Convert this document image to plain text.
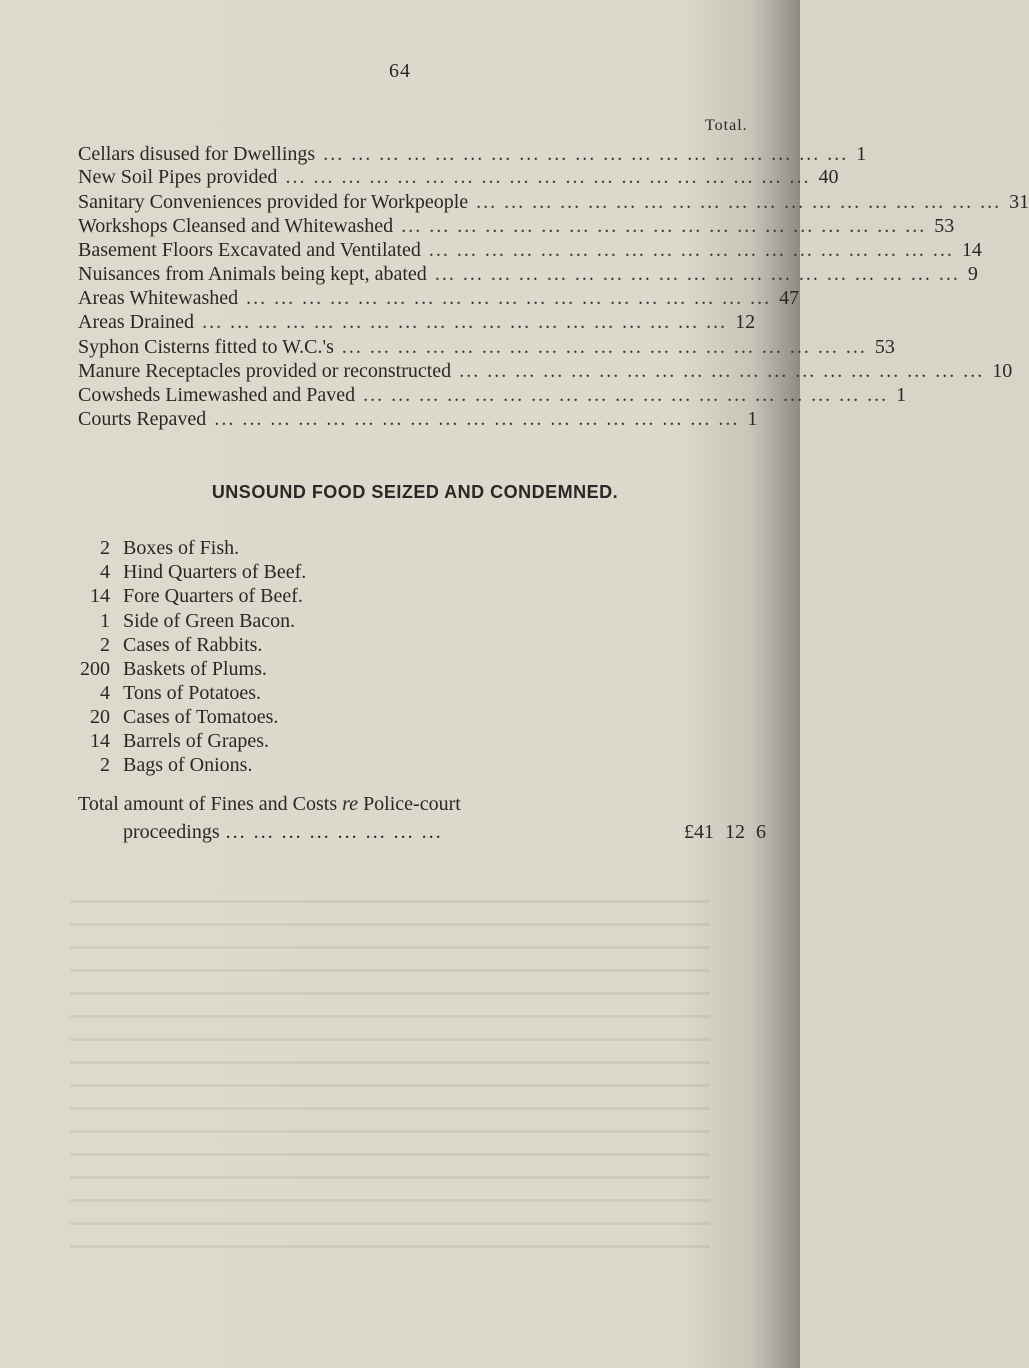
64
Total.
Cellars disused for Dwellings ... ... ... ... ... ... ... ... ... ... ... ... ... ... ... ... ... ... ... 1
New Soil Pipes provided ... ... ... ... ... ... ... ... ... ... ... ... ... ... ... ... ... ... ... 40
Sanitary Conveniences provided for Workpeople ... ... ... ... ... ... ... ... ... ... ... ... ... ... ... ... ... ... ... 31
Workshops Cleansed and Whitewashed ... ... ... ... ... ... ... ... ... ... ... ... ... ... ... ... ... ... ... 53
Basement Floors Excavated and Ventilated ... ... ... ... ... ... ... ... ... ... ... ... ... ... ... ... ... ... ... 14
Nuisances from Animals being kept, abated ... ... ... ... ... ... ... ... ... ... ... ... ... ... ... ... ... ... ... 9
Areas Whitewashed ... ... ... ... ... ... ... ... ... ... ... ... ... ... ... ... ... ... ... 47
Areas Drained ... ... ... ... ... ... ... ... ... ... ... ... ... ... ... ... ... ... ... 12
Syphon Cisterns fitted to W.C.'s ... ... ... ... ... ... ... ... ... ... ... ... ... ... ... ... ... ... ... 53
Manure Receptacles provided or reconstructed ... ... ... ... ... ... ... ... ... ... ... ... ... ... ... ... ... ... ... 10
Cowsheds Limewashed and Paved ... ... ... ... ... ... ... ... ... ... ... ... ... ... ... ... ... ... ... 1
Courts Repaved ... ... ... ... ... ... ... ... ... ... ... ... ... ... ... ... ... ... ... 1
UNSOUND FOOD SEIZED AND CONDEMNED.
2 Boxes of Fish.
4 Hind Quarters of Beef.
14 Fore Quarters of Beef.
1 Side of Green Bacon.
2 Cases of Rabbits.
200 Baskets of Plums.
4 Tons of Potatoes.
20 Cases of Tomatoes.
14 Barrels of Grapes.
2 Bags of Onions.
Total amount of Fines and Costs re Police-court
proceedings ... ... ... ... ... ... ... ...	£41 12 6
